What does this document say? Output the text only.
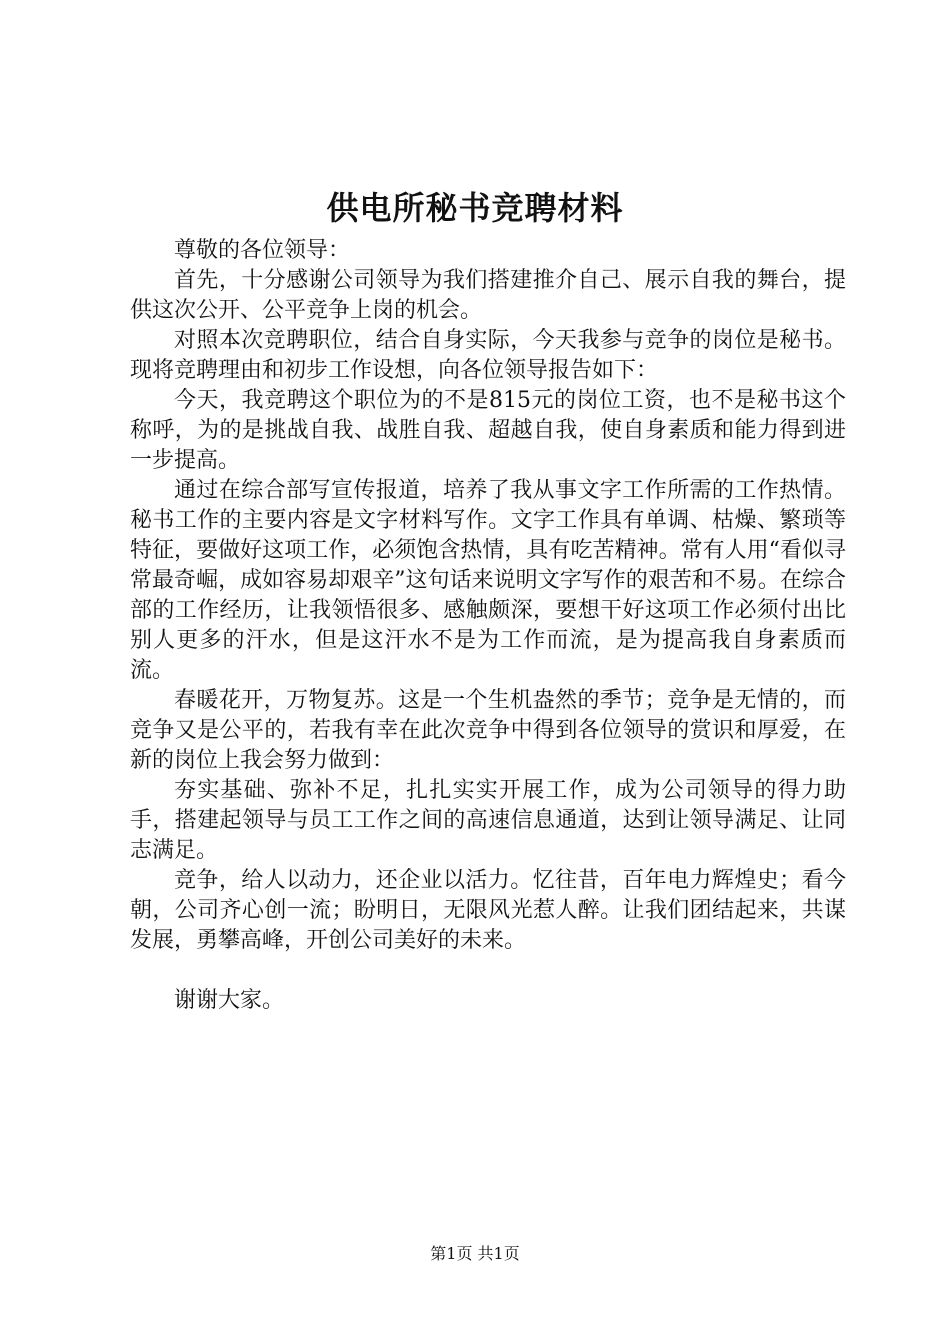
供电所秘书竞聘材料

尊敬的各位领导：

首先，十分感谢公司领导为我们搭建推介自己、展示自我的舞台，提供这次公开、公平竞争上岗的机会。

对照本次竞聘职位，结合自身实际，今天我参与竞争的岗位是秘书。现将竞聘理由和初步工作设想，向各位领导报告如下：

今天，我竞聘这个职位为的不是815元的岗位工资，也不是秘书这个称呼，为的是挑战自我、战胜自我、超越自我，使自身素质和能力得到进一步提高。

通过在综合部写宣传报道，培养了我从事文字工作所需的工作热情。秘书工作的主要内容是文字材料写作。文字工作具有单调、枯燥、繁琐等特征，要做好这项工作，必须饱含热情，具有吃苦精神。常有人用“看似寻常最奇崛，成如容易却艰辛”这句话来说明文字写作的艰苦和不易。在综合部的工作经历，让我领悟很多、感触颇深，要想干好这项工作必须付出比别人更多的汗水，但是这汗水不是为工作而流，是为提高我自身素质而流。

春暖花开，万物复苏。这是一个生机盎然的季节；竞争是无情的，而竞争又是公平的，若我有幸在此次竞争中得到各位领导的赏识和厚爱，在新的岗位上我会努力做到：

夯实基础、弥补不足，扎扎实实开展工作，成为公司领导的得力助手，搭建起领导与员工工作之间的高速信息通道，达到让领导满足、让同志满足。

竞争，给人以动力，还企业以活力。忆往昔，百年电力辉煌史；看今朝，公司齐心创一流；盼明日，无限风光惹人醉。让我们团结起来，共谋发展，勇攀高峰，开创公司美好的未来。

谢谢大家。

第1页 共1页
